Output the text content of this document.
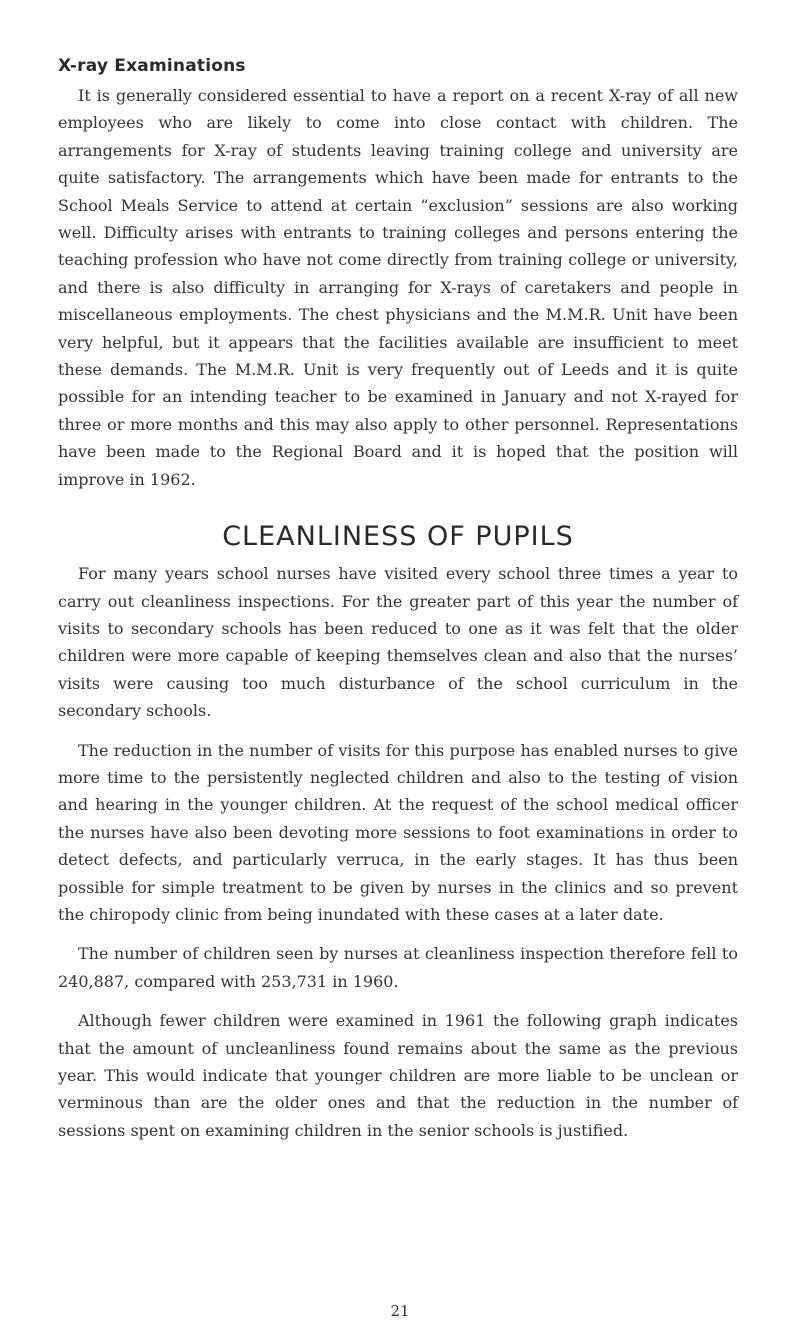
X-ray Examinations

It is generally considered essential to have a report on a recent X-ray of all new employees who are likely to come into close contact with children. The arrangements for X-ray of students leaving training college and university are quite satisfactory. The arrangements which have been made for entrants to the School Meals Service to attend at certain “exclusion” sessions are also working well. Difficulty arises with entrants to training colleges and persons entering the teaching profession who have not come directly from training college or university, and there is also difficulty in arranging for X-rays of caretakers and people in miscellaneous employments. The chest physicians and the M.M.R. Unit have been very helpful, but it appears that the facilities available are insufficient to meet these demands. The M.M.R. Unit is very frequently out of Leeds and it is quite possible for an intending teacher to be examined in January and not X-rayed for three or more months and this may also apply to other personnel. Representations have been made to the Regional Board and it is hoped that the position will improve in 1962.

CLEANLINESS OF PUPILS

For many years school nurses have visited every school three times a year to carry out cleanliness inspections. For the greater part of this year the number of visits to secondary schools has been reduced to one as it was felt that the older children were more capable of keeping themselves clean and also that the nurses’ visits were causing too much disturbance of the school curriculum in the secondary schools.

The reduction in the number of visits for this purpose has enabled nurses to give more time to the persistently neglected children and also to the testing of vision and hearing in the younger children. At the request of the school medical officer the nurses have also been devoting more sessions to foot examinations in order to detect defects, and particularly verruca, in the early stages. It has thus been possible for simple treatment to be given by nurses in the clinics and so prevent the chiropody clinic from being inundated with these cases at a later date.

The number of children seen by nurses at cleanliness inspection therefore fell to 240,887, compared with 253,731 in 1960.

Although fewer children were examined in 1961 the following graph indicates that the amount of uncleanliness found remains about the same as the previous year. This would indicate that younger children are more liable to be unclean or verminous than are the older ones and that the reduction in the number of sessions spent on examining children in the senior schools is justified.

21
